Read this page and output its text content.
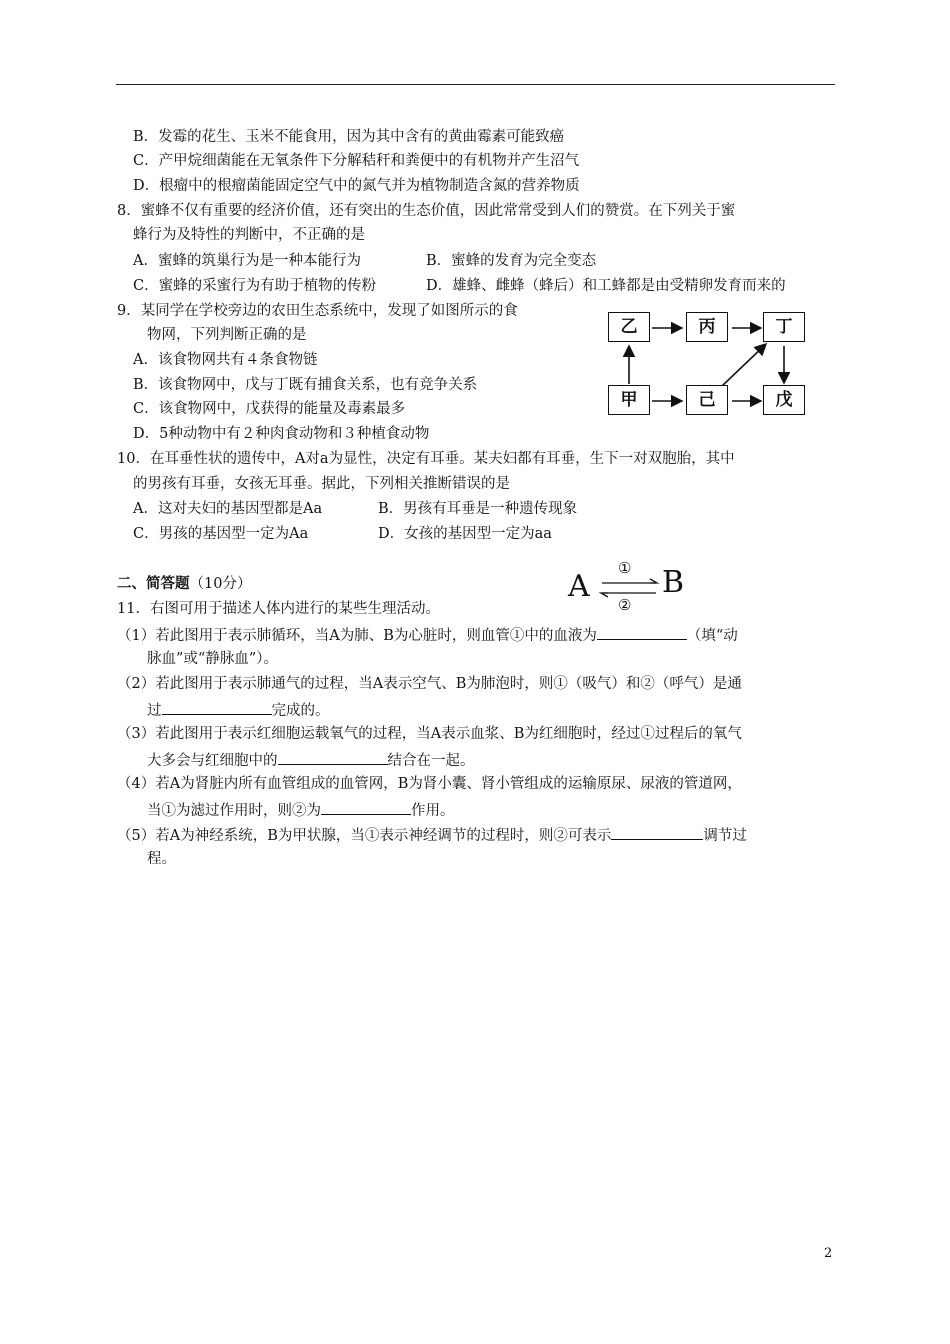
B．发霉的花生、玉米不能食用，因为其中含有的黄曲霉素可能致癌
C．产甲烷细菌能在无氧条件下分解秸秆和粪便中的有机物并产生沼气
D．根瘤中的根瘤菌能固定空气中的氮气并为植物制造含氮的营养物质
8．蜜蜂不仅有重要的经济价值，还有突出的生态价值，因此常常受到人们的赞赏。在下列关于蜜
蜂行为及特性的判断中，不正确的是
A．蜜蜂的筑巢行为是一种本能行为	B．蜜蜂的发育为完全变态
C．蜜蜂的采蜜行为有助于植物的传粉	D．雄蜂、雌蜂（蜂后）和工蜂都是由受精卵发育而来的
9．某同学在学校旁边的农田生态系统中，发现了如图所示的食
物网，下列判断正确的是
A．该食物网共有４条食物链
B．该食物网中，戊与丁既有捕食关系，也有竞争关系
C．该食物网中，戊获得的能量及毒素最多
D．5种动物中有２种肉食动物和３种植食动物
乙	丙	丁
甲	己	戊
10．在耳垂性状的遗传中，A对a为显性，决定有耳垂。某夫妇都有耳垂，生下一对双胞胎，其中
的男孩有耳垂，女孩无耳垂。据此，下列相关推断错误的是
A．这对夫妇的基因型都是Aa	B．男孩有耳垂是一种遗传现象
C．男孩的基因型一定为Aa	D．女孩的基因型一定为aa
二、简答题（10分）	A B
①
②
11．右图可用于描述人体内进行的某些生理活动。
（1）若此图用于表示肺循环，当A为肺、B为心脏时，则血管①中的血液为	（填“动
脉血”或“静脉血”）。
（2）若此图用于表示肺通气的过程，当A表示空气、B为肺泡时，则①（吸气）和②（呼气）是通
过	完成的。
（3）若此图用于表示红细胞运载氧气的过程，当A表示血浆、B为红细胞时，经过①过程后的氧气
大多会与红细胞中的	结合在一起。
（4）若A为肾脏内所有血管组成的血管网，B为肾小囊、肾小管组成的运输原尿、尿液的管道网，
当①为滤过作用时，则②为	作用。
（5）若A为神经系统，B为甲状腺，当①表示神经调节的过程时，则②可表示	调节过
程。
2
